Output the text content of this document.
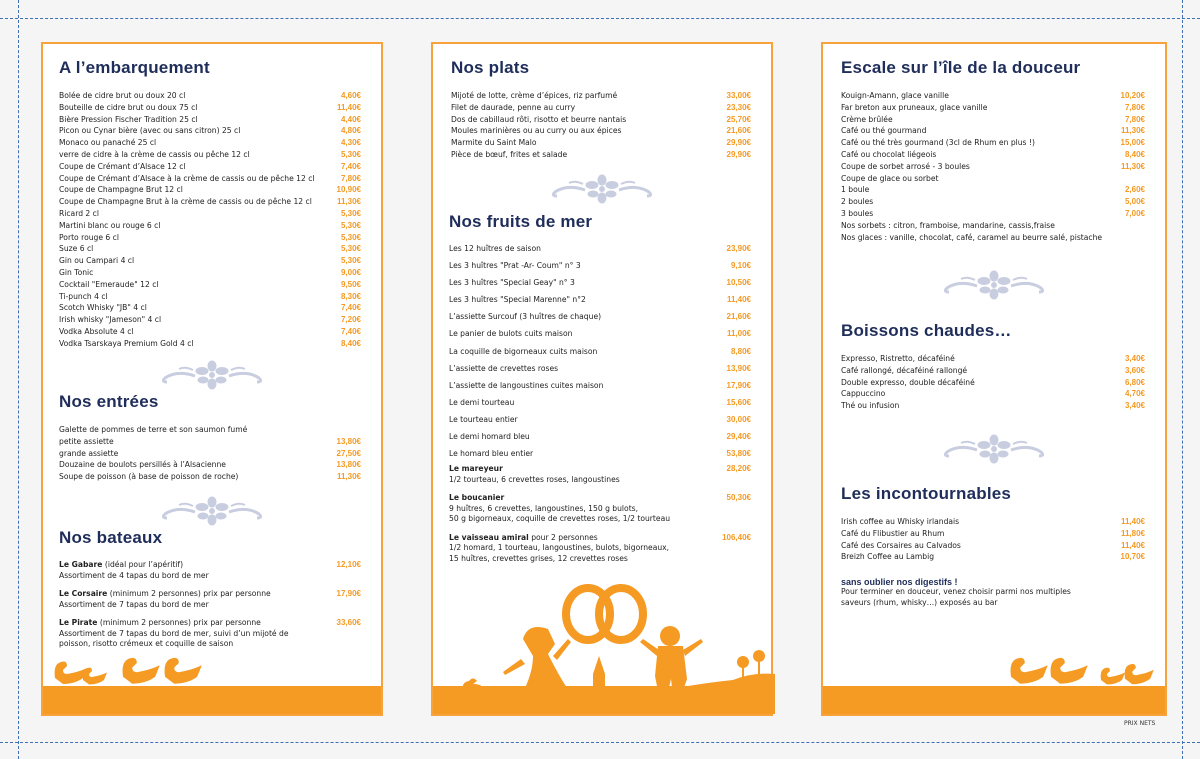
A l’embarquement
Bolée de cidre brut ou doux 20 cl	4,60€
Bouteille de cidre brut ou doux 75 cl	11,40€
Bière Pression Fischer Tradition 25 cl	4,40€
Picon ou Cynar bière (avec ou sans citron) 25 cl	4,80€
Monaco ou panaché 25 cl	4,30€
verre de cidre à la crème de cassis ou pêche 12 cl	5,30€
Coupe de Crémant d’Alsace 12 cl	7,40€
Coupe de Crémant d’Alsace à la crème de cassis ou de pêche 12 cl	7,80€
Coupe de Champagne Brut 12 cl	10,90€
Coupe de Champagne Brut à la crème de cassis ou de pêche 12 cl	11,30€
Ricard 2 cl	5,30€
Martini blanc ou rouge 6 cl	5,30€
Porto rouge 6 cl	5,30€
Suze 6 cl	5,30€
Gin ou Campari 4 cl	5,30€
Gin Tonic	9,00€
Cocktail "Emeraude" 12 cl	9,50€
Ti-punch 4 cl	8,30€
Scotch Whisky "JB" 4 cl	7,40€
Irish whisky "Jameson" 4 cl	7,20€
Vodka Absolute 4 cl	7,40€
Vodka Tsarskaya Premium Gold 4 cl	8,40€
Nos entrées
Galette de pommes de terre et son saumon fumé
petite assiette	13,80€
grande assiette	27,50€
Douzaine de boulots persillés à l’Alsacienne	13,80€
Soupe de poisson (à base de poisson de roche)	11,30€
Nos bateaux
Le Gabare (idéal pour l’apéritif)	12,10€
Assortiment de 4 tapas du bord de mer
Le Corsaire (minimum 2 personnes) prix par personne	17,90€
Assortiment de 7 tapas du bord de mer
Le Pirate (minimum 2 personnes) prix par personne	33,60€
Assortiment de 7 tapas du bord de mer, suivi d’un mijoté de
poisson, risotto crémeux et coquille de saison
Nos plats
Mijoté de lotte, crème d’épices, riz parfumé	33,00€
Filet de daurade, penne au curry	23,30€
Dos de cabillaud rôti, risotto et beurre nantais	25,70€
Moules marinières ou au curry ou aux épices	21,60€
Marmite du Saint Malo	29,90€
Pièce de bœuf, frites et salade	29,90€
Nos fruits de mer
Les 12 huîtres de saison	23,90€
Les 3 huîtres "Prat -Ar- Coum" n° 3	9,10€
Les 3 huîtres "Special Geay" n° 3	10,50€
Les 3 huîtres "Special Marenne" n°2	11,40€
L’assiette Surcouf (3 huîtres de chaque)	21,60€
Le panier de bulots cuits maison	11,00€
La coquille de bigorneaux cuits maison	8,80€
L’assiette de crevettes roses	13,90€
L’assiette de langoustines cuites maison	17,90€
Le demi tourteau	15,60€
Le tourteau entier	30,00€
Le demi homard bleu	29,40€
Le homard bleu entier	53,80€
Le mareyeur	28,20€
1/2 tourteau, 6 crevettes roses, langoustines
Le boucanier	50,30€
9 huîtres, 6 crevettes, langoustines, 150 g bulots,
50 g bigorneaux, coquille de crevettes roses, 1/2 tourteau
Le vaisseau amiral pour 2 personnes	106,40€
1/2 homard, 1 tourteau, langoustines, bulots, bigorneaux,
15 huîtres, crevettes grises, 12 crevettes roses
Escale sur l’île de la douceur
Kouign-Amann, glace vanille	10,20€
Far breton aux pruneaux, glace vanille	7,80€
Crème brûlée	7,80€
Café ou thé gourmand	11,30€
Café ou thé très gourmand (3cl de Rhum en plus !)	15,00€
Café ou chocolat liégeois	8,40€
Coupe de sorbet arrosé - 3 boules	11,30€
Coupe de glace ou sorbet
1 boule	2,60€
2 boules	5,00€
3 boules	7,00€
Nos sorbets : citron, framboise, mandarine, cassis,fraise
Nos glaces : vanille, chocolat, café, caramel au beurre salé, pistache
Boissons chaudes…
Expresso, Ristretto, décaféiné	3,40€
Café rallongé, décaféiné rallongé	3,60€
Double expresso, double décaféiné	6,80€
Cappuccino	4,70€
Thé ou infusion	3,40€
Les incontournables
Irish coffee au Whisky irlandais	11,40€
Café du Flibustier au Rhum	11,80€
Café des Corsaires au Calvados	11,40€
Breizh Coffee au Lambig	10,70€
sans oublier nos digestifs !
Pour terminer en douceur, venez choisir parmi nos multiples
saveurs (rhum, whisky…) exposés au bar
PRIX NETS
